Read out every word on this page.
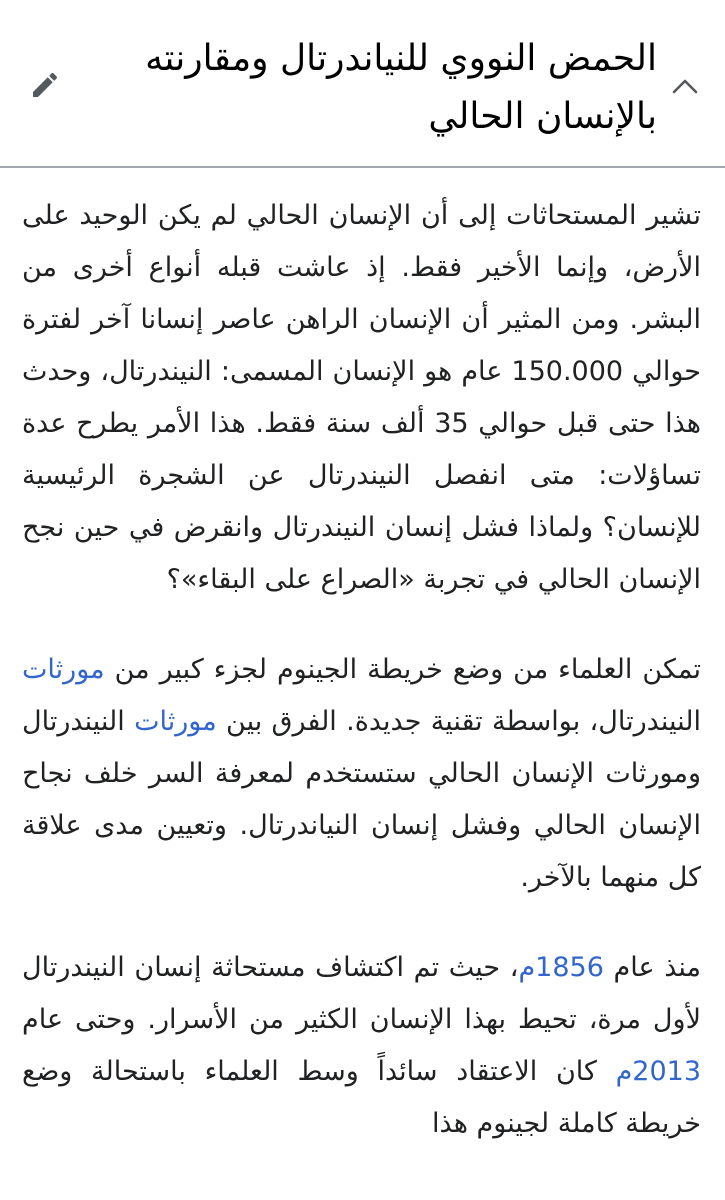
الحمض النووي للنياندرتال ومقارنته بالإنسان الحالي

تشير المستحاثات إلى أن الإنسان الحالي لم يكن الوحيد على الأرض، وإنما الأخير فقط. إذ عاشت قبله أنواع أخرى من البشر. ومن المثير أن الإنسان الراهن عاصر إنسانا آخر لفترة حوالي 150.000 عام هو الإنسان المسمى: النيندرتال، وحدث هذا حتى قبل حوالي 35 ألف سنة فقط. هذا الأمر يطرح عدة تساؤلات: متى انفصل النيندرتال عن الشجرة الرئيسية للإنسان؟ ولماذا فشل إنسان النيندرتال وانقرض في حين نجح الإنسان الحالي في تجربة «الصراع على البقاء»؟

تمكن العلماء من وضع خريطة الجينوم لجزء كبير من مورثات النيندرتال، بواسطة تقنية جديدة. الفرق بين مورثات النيندرتال ومورثات الإنسان الحالي ستستخدم لمعرفة السر خلف نجاح الإنسان الحالي وفشل إنسان النياندرتال. وتعيين مدى علاقة كل منهما بالآخر.

منذ عام 1856م، حيث تم اكتشاف مستحاثة إنسان النيندرتال لأول مرة، تحيط بهذا الإنسان الكثير من الأسرار. وحتى عام 2013م كان الاعتقاد سائداً وسط العلماء باستحالة وضع خريطة كاملة لجينوم هذا
